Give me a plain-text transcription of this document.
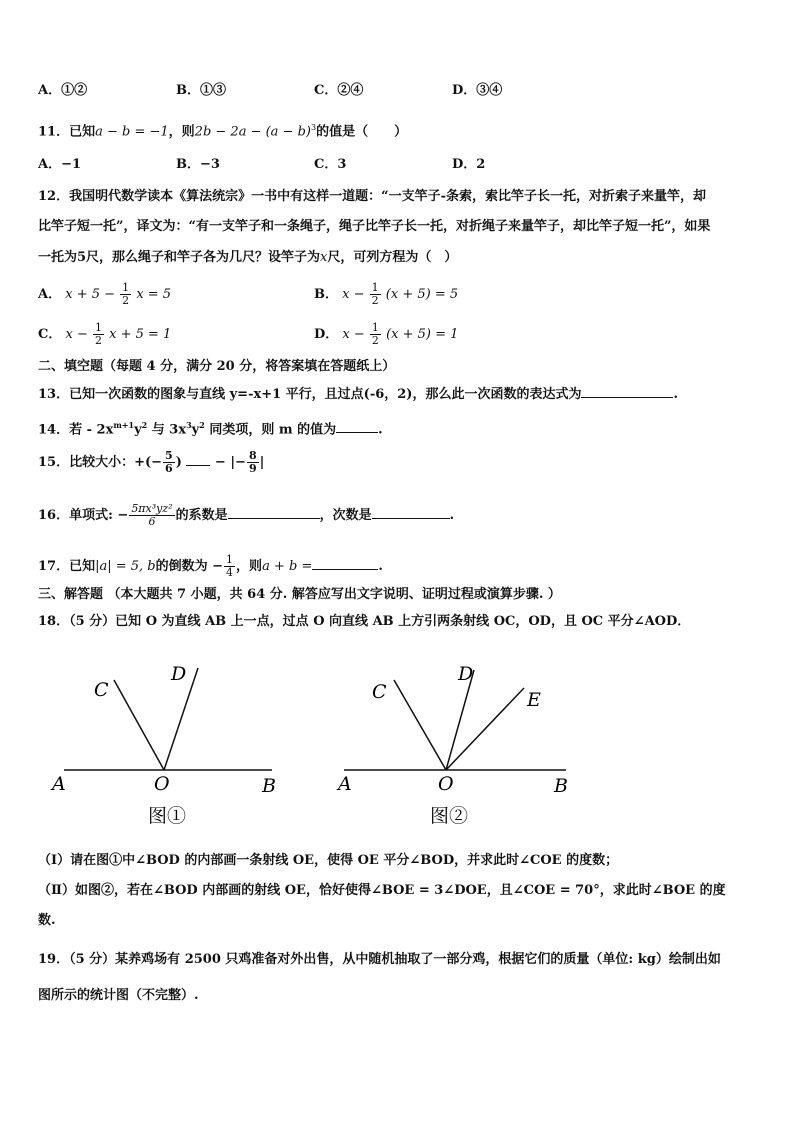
A．①②	B．①③	C．②④	D．③④
11．已知a − b = −1，则$2b - 2a - (a - b)^3$的值是（　　）
A．−1	B．−3	C．3	D．2
12．我国明代数学读本《算法统宗》一书中有这样一道题：“一支竿子-条索，索比竿子长一托，对折索子来量竿，却
比竿子短一托”，译文为：“有一支竿子和一条绳子，绳子比竿子长一托，对折绳子来量竿子，却比竿子短一托”，如果
一托为5尺，那么绳子和竿子各为几尺？设竿子为x尺，可列方程为（　）
A． $x + 5 - \frac{1}{2}$ x = 5	B． $x - \frac{1}{2} (x + 5) = 5$
C． $x - \frac{1}{2}$ x + 5 = 1	D． $x - \frac{1}{2} (x + 5) = 1$
二、填空题（每题 4 分，满分 20 分，将答案填在答题纸上）
13．已知一次函数的图象与直线 y=-x+1 平行，且过点(-6，2)，那么此一次函数的表达式为	.
14．若 - $2x^{m+1}y^2$ 与 $3x^3y^2$ 同类项，则 m 的值为	.
15．比较大小：+(− $\frac{5}{6}$ )	− |− $\frac{8}{9}$ |
16．单项式: − $\frac{\text{5πx³yz²}}{6}$ 的系数是	，次数是	.
17．已知|a| = 5, b的倒数为 − $\frac{1}{4}$ ，则a + b =	.
三、解答题 （本大题共 7 小题，共 64 分. 解答应写出文字说明、证明过程或演算步骤. ）
18．（5 分）已知 O 为直线 AB 上一点，过点 O 向直线 AB 上方引两条射线 OC，OD，且 OC 平分∠AOD．
A	B
O
C
D
图①
A	B
O
C
D
E
图②
（Ⅰ）请在图①中∠BOD 的内部画一条射线 OE，使得 OE 平分∠BOD，并求此时∠COE 的度数；
（Ⅱ）如图②，若在∠BOD 内部画的射线 OE，恰好使得∠BOE = 3∠DOE，且∠COE = 70°，求此时∠BOE 的度
数.
19．（5 分）某养鸡场有 2500 只鸡准备对外出售，从中随机抽取了一部分鸡，根据它们的质量（单位: kg）绘制出如
图所示的统计图（不完整）.
